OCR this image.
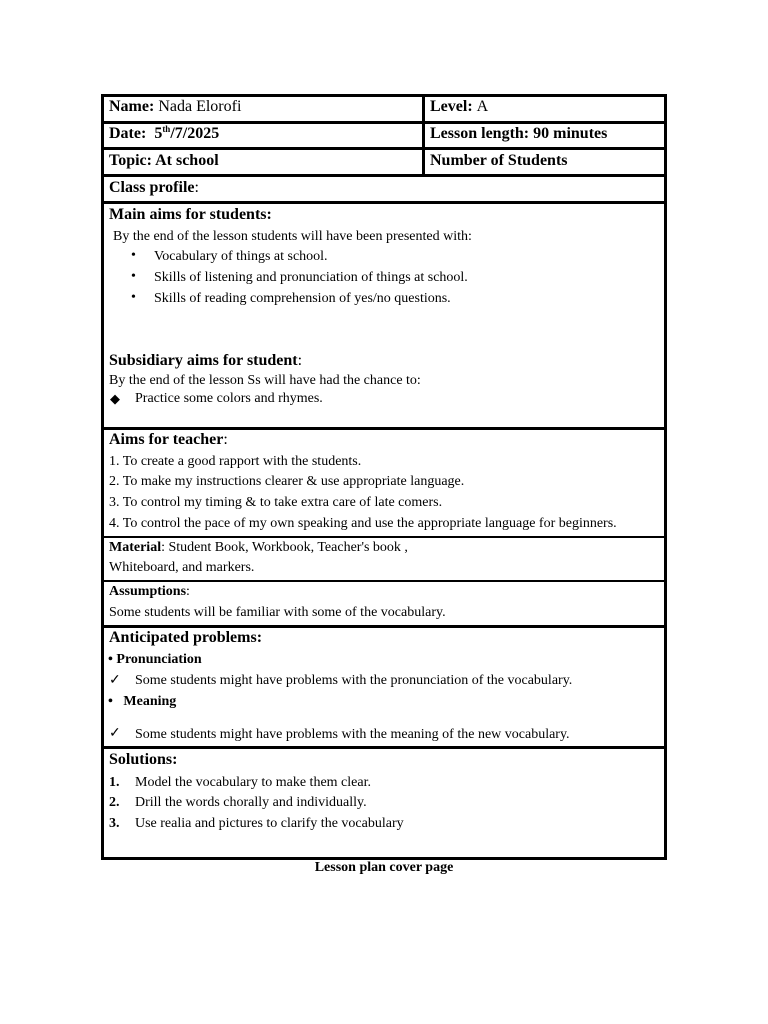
Name: Nada Elorofi	Level: A
Date: 5th/7/2025	Lesson length: 90 minutes
Topic: At school	Number of Students
Class profile:
Main aims for students:
By the end of the lesson students will have been presented with:
• Vocabulary of things at school.
• Skills of listening and pronunciation of things at school.
• Skills of reading comprehension of yes/no questions.
Subsidiary aims for student:
By the end of the lesson Ss will have had the chance to:
◆ Practice some colors and rhymes.
Aims for teacher:
1. To create a good rapport with the students.
2. To make my instructions clearer & use appropriate language.
3. To control my timing & to take extra care of late comers.
4. To control the pace of my own speaking and use the appropriate language for beginners.
Material: Student Book, Workbook, Teacher's book ,
Whiteboard, and markers.
Assumptions:
Some students will be familiar with some of the vocabulary.
Anticipated problems:
• Pronunciation
✓ Some students might have problems with the pronunciation of the vocabulary.
• Meaning
✓ Some students might have problems with the meaning of the new vocabulary.
Solutions:
1. Model the vocabulary to make them clear.
2. Drill the words chorally and individually.
3. Use realia and pictures to clarify the vocabulary
Lesson plan cover page
